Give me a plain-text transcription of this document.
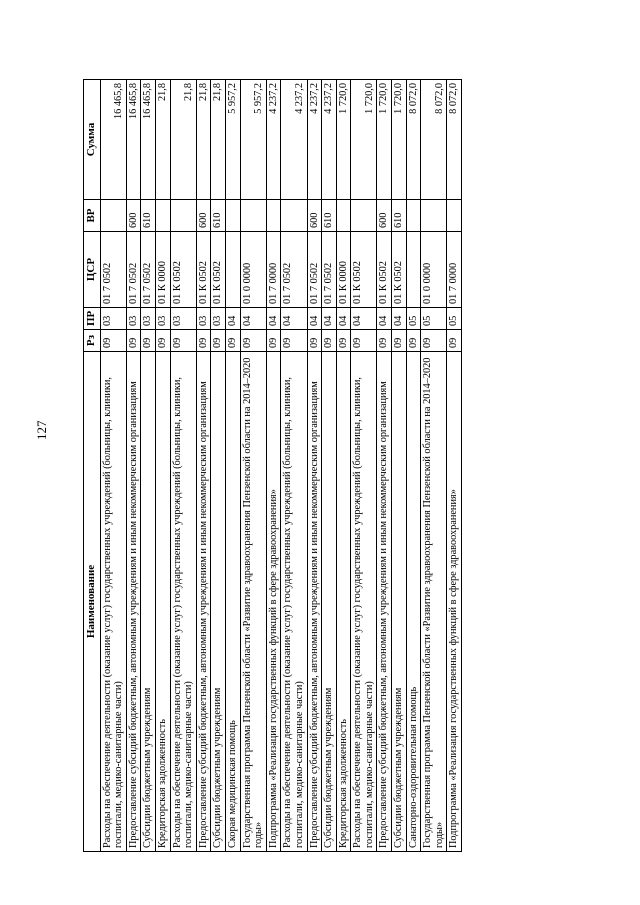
127
Наименование	Рз	ПР	ЦСР	ВР	Сумма
Расходы на обеспечение деятельности (оказание услуг) государственных учреждений (больницы, клиники, госпитали, медико-санитарные части)	09	03	01 7 0502		16 465,8
Предоставление субсидий бюджетным, автономным учреждениям и иным некоммерческим организациям	09	03	01 7 0502	600	16 465,8
Субсидии бюджетным учреждениям	09	03	01 7 0502	610	16 465,8
Кредиторская задолженность	09	03	01 К 0000		21,8
Расходы на обеспечение деятельности (оказание услуг) государственных учреждений (больницы, клиники, госпитали, медико-санитарные части)	09	03	01 К 0502		21,8
Предоставление субсидий бюджетным, автономным учреждениям и иным некоммерческим организациям	09	03	01 К 0502	600	21,8
Субсидии бюджетным учреждениям	09	03	01 К 0502	610	21,8
Скорая медицинская помощь	09	04			5 957,2
Государственная программа Пензенской области «Развитие здравоохранения Пензенской области на 2014–2020 годы»	09	04	01 0 0000		5 957,2
Подпрограмма «Реализация государственных функций в сфере здравоохранения»	09	04	01 7 0000		4 237,2
Расходы на обеспечение деятельности (оказание услуг) государственных учреждений (больницы, клиники, госпитали, медико-санитарные части)	09	04	01 7 0502		4 237,2
Предоставление субсидий бюджетным, автономным учреждениям и иным некоммерческим организациям	09	04	01 7 0502	600	4 237,2
Субсидии бюджетным учреждениям	09	04	01 7 0502	610	4 237,2
Кредиторская задолженность	09	04	01 К 0000		1 720,0
Расходы на обеспечение деятельности (оказание услуг) государственных учреждений (больницы, клиники, госпитали, медико-санитарные части)	09	04	01 К 0502		1 720,0
Предоставление субсидий бюджетным, автономным учреждениям и иным некоммерческим организациям	09	04	01 К 0502	600	1 720,0
Субсидии бюджетным учреждениям	09	04	01 К 0502	610	1 720,0
Санаторно-оздоровительная помощь	09	05			8 072,0
Государственная программа Пензенской области «Развитие здравоохранения Пензенской области на 2014–2020 годы»	09	05	01 0 0000		8 072,0
Подпрограмма «Реализация государственных функций в сфере здравоохранения»	09	05	01 7 0000		8 072,0
